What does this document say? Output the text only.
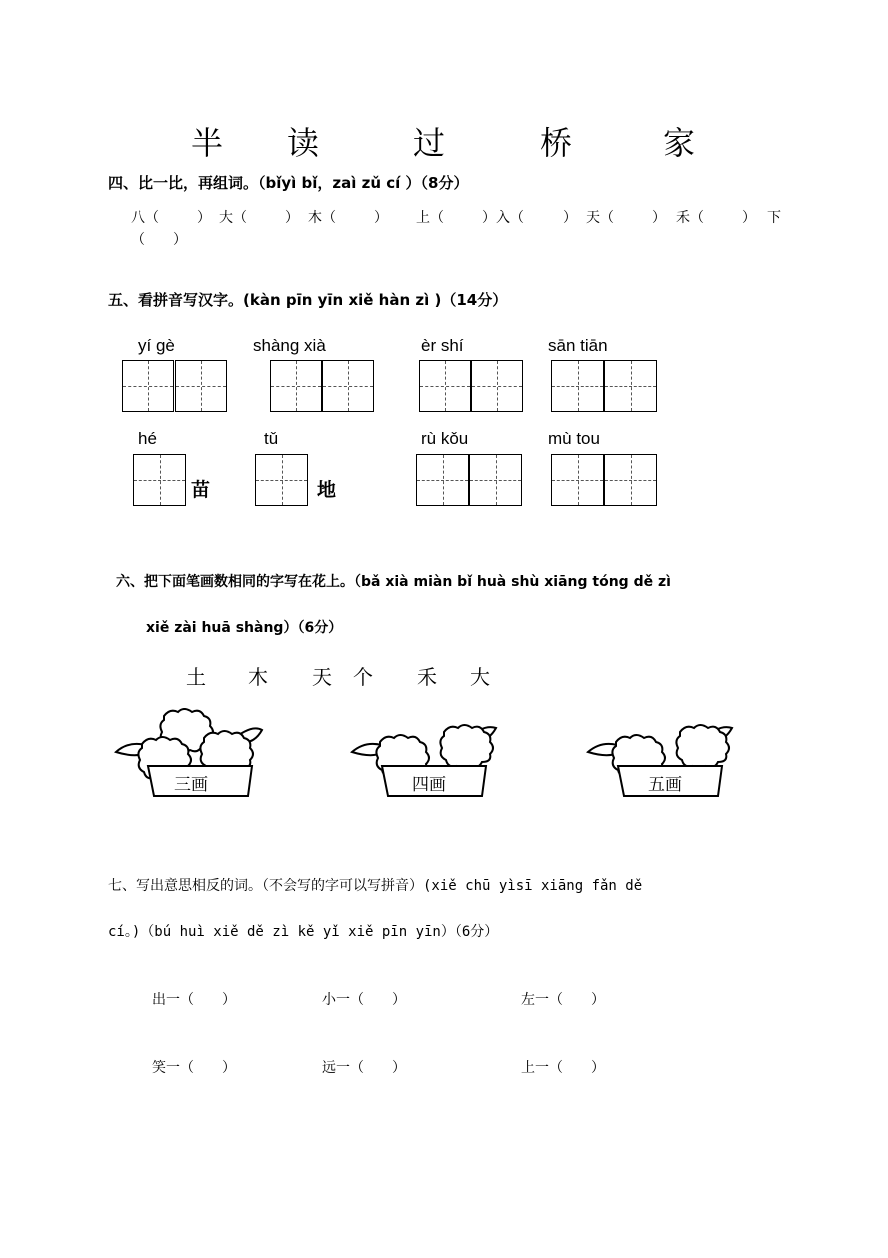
半 读	过	桥	家
四、比一比，再组词。（bǐyì bǐ，zaì zǔ cí ）（8分）
八（	） 大（	） 木（	） 上（	）入（	） 天（	） 禾（	） 下
（　　）
五、看拼音写汉字。(kàn pīn yīn xiě hàn zì )（14分）
yí gè	shàng xià	èr shí	sān tiān
hé	tǔ	rù kǒu	mù tou
苗	地
六、把下面笔画数相同的字写在花上。（bǎ xià miàn bǐ huà shù xiāng tóng dě zì
xiě zài huā shàng）（6分）
土 木 天 个 禾 大
三画	四画	五画
七、写出意思相反的词。（不会写的字可以写拼音）(xiě chū yìsī xiāng fǎn dě
cí。)（bú huì xiě dě zì kě yǐ xiě pīn yīn）（6分）
出一（　　）	小一（　　）	左一（　　）
笑一（　　）	远一（　　）	上一（　　）
